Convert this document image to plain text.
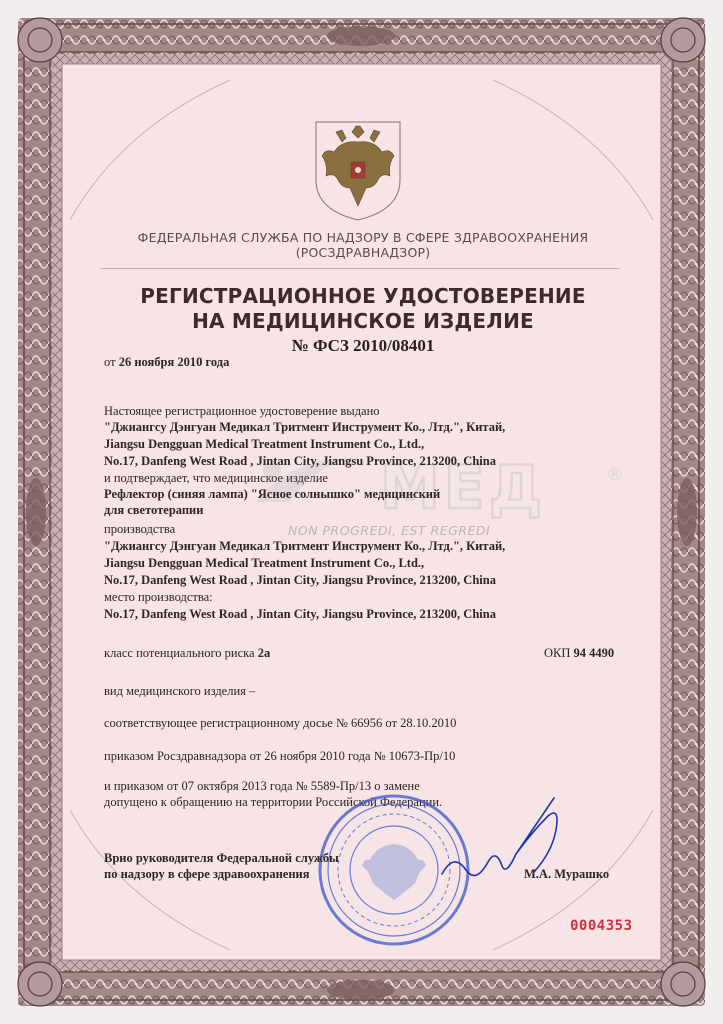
ФЕДЕРАЛЬНАЯ СЛУЖБА ПО НАДЗОРУ В СФЕРЕ ЗДРАВООХРАНЕНИЯ
(РОСЗДРАВНАДЗОР)
РЕГИСТРАЦИОННОЕ УДОСТОВЕРЕНИЕ
НА МЕДИЦИНСКОЕ ИЗДЕЛИЕ
№ ФСЗ 2010/08401
от 26 ноября 2010 года
МЕД	®
NON PROGREDI, EST REGREDI
Настоящее регистрационное удостоверение выдано
"Джиангсу Дэнгуан Медикал Тритмент Инструмент Ко., Лтд.", Китай,
Jiangsu Dengguan Medical Treatment Instrument Co., Ltd.,
No.17, Danfeng West Road , Jintan City, Jiangsu Province, 213200, China
и подтверждает, что медицинское изделие
Рефлектор (синяя лампа) "Ясное солнышко" медицинский
для светотерапии
производства
"Джиангсу Дэнгуан Медикал Тритмент Инструмент Ко., Лтд.", Китай,
Jiangsu Dengguan Medical Treatment Instrument Co., Ltd.,
No.17, Danfeng West Road , Jintan City, Jiangsu Province, 213200, China
место производства:
No.17, Danfeng West Road , Jintan City, Jiangsu Province, 213200, China
класс потенциального риска 2а	ОКП 94 4490
вид медицинского изделия –
соответствующее регистрационному досье № 66956 от 28.10.2010
приказом Росздравнадзора от 26 ноября 2010 года № 10673-Пр/10
и приказом от 07 октября 2013 года № 5589-Пр/13 о замене
допущено к обращению на территории Российской Федерации.
Врио руководителя Федеральной службы
по надзору в сфере здравоохранения	М.А. Мурашко
0004353
